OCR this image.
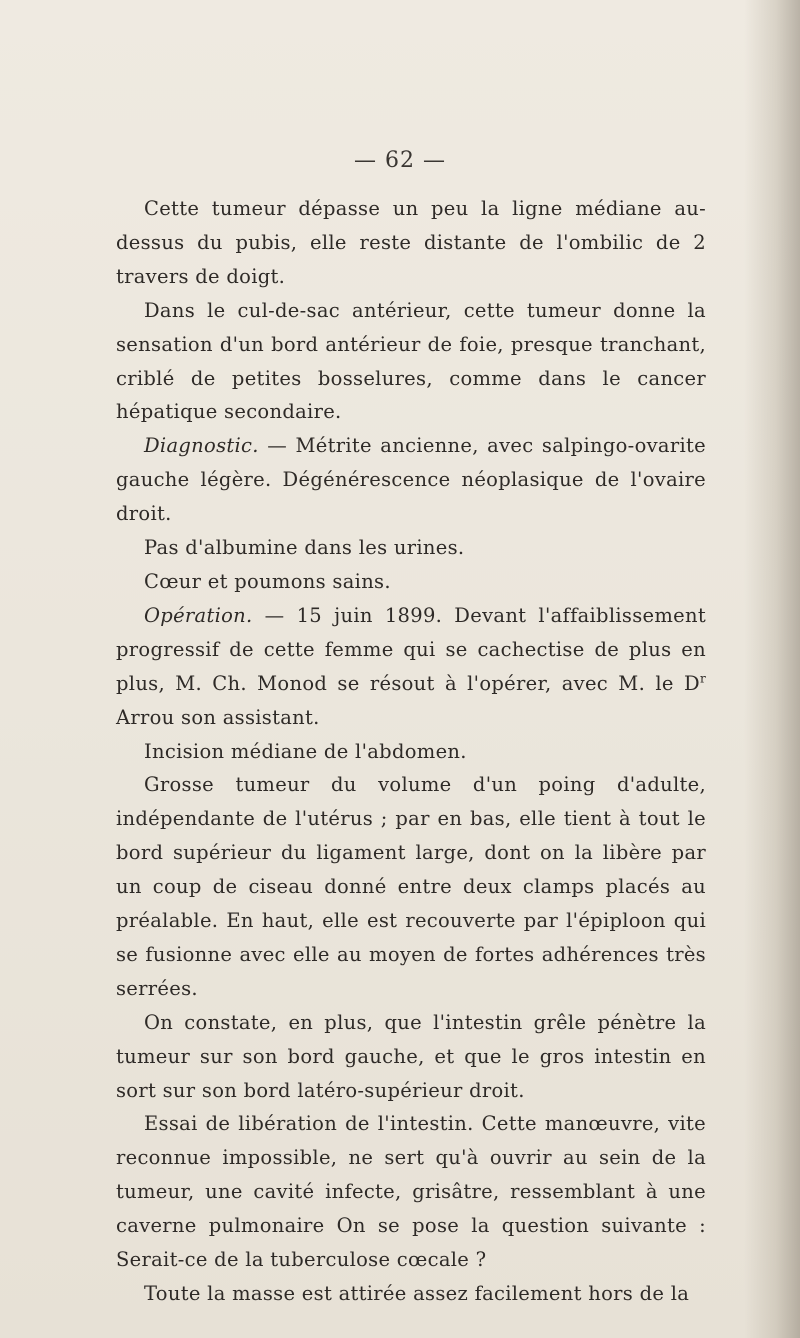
— 62 —

Cette tumeur dépasse un peu la ligne médiane au-dessus du pubis, elle reste distante de l'ombilic de 2 travers de doigt.

Dans le cul-de-sac antérieur, cette tumeur donne la sensation d'un bord antérieur de foie, presque tranchant, criblé de petites bosselures, comme dans le cancer hépatique secondaire.

Diagnostic. — Métrite ancienne, avec salpingo-ovarite gauche légère. Dégénérescence néoplasique de l'ovaire droit.

Pas d'albumine dans les urines.

Cœur et poumons sains.

Opération. — 15 juin 1899. Devant l'affaiblissement progressif de cette femme qui se cachectise de plus en plus, M. Ch. Monod se résout à l'opérer, avec M. le $D^r$ Arrou son assistant.

Incision médiane de l'abdomen.

Grosse tumeur du volume d'un poing d'adulte, indépendante de l'utérus ; par en bas, elle tient à tout le bord supérieur du ligament large, dont on la libère par un coup de ciseau donné entre deux clamps placés au préalable. En haut, elle est recouverte par l'épiploon qui se fusionne avec elle au moyen de fortes adhérences très serrées.

On constate, en plus, que l'intestin grêle pénètre la tumeur sur son bord gauche, et que le gros intestin en sort sur son bord latéro-supérieur droit.

Essai de libération de l'intestin. Cette manœuvre, vite reconnue impossible, ne sert qu'à ouvrir au sein de la tumeur, une cavité infecte, grisâtre, ressemblant à une caverne pulmonaire On se pose la question suivante : Serait-ce de la tuberculose cœcale ?

Toute la masse est attirée assez facilement hors de la
